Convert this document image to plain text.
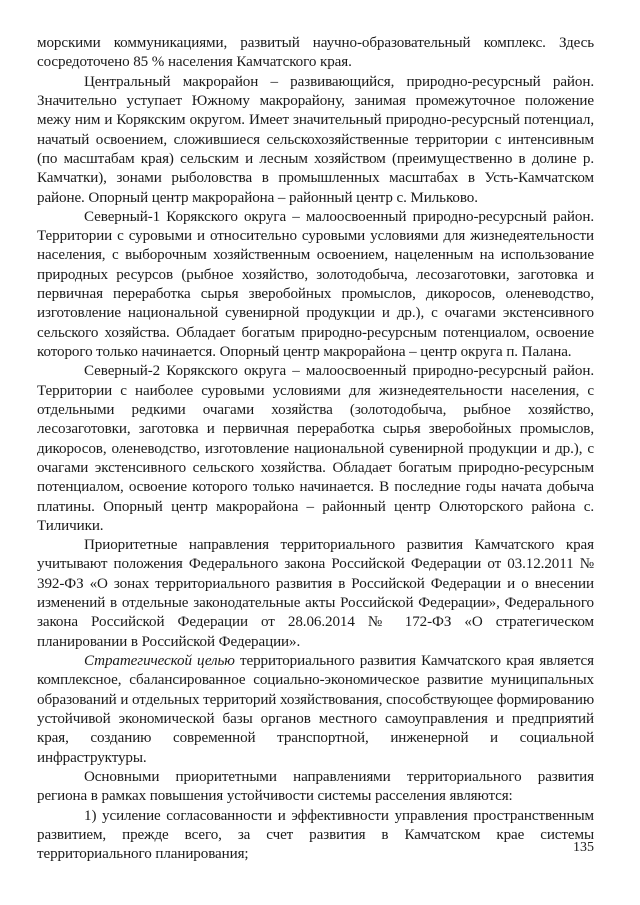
морскими коммуникациями, развитый научно-образовательный комплекс. Здесь сосредоточено 85 % населения Камчатского края.

Центральный макрорайон – развивающийся, природно-ресурсный район. Значительно уступает Южному макрорайону, занимая промежуточное положение межу ним и Корякским округом. Имеет значительный природно-ресурсный потенциал, начатый освоением, сложившиеся сельскохозяйственные территории с интенсивным (по масштабам края) сельским и лесным хозяйством (преимущественно в долине р. Камчатки), зонами рыболовства в промышленных масштабах в Усть-Камчатском районе. Опорный центр макрорайона – районный центр с. Мильково.

Северный-1 Корякского округа – малоосвоенный природно-ресурсный район. Территории с суровыми и относительно суровыми условиями для жизнедеятельности населения, с выборочным хозяйственным освоением, нацеленным на использование природных ресурсов (рыбное хозяйство, золотодобыча, лесозаготовки, заготовка и первичная переработка сырья зверобойных промыслов, дикоросов, оленеводство, изготовление национальной сувенирной продукции и др.), с очагами экстенсивного сельского хозяйства. Обладает богатым природно-ресурсным потенциалом, освоение которого только начинается. Опорный центр макрорайона – центр округа п. Палана.

Северный-2 Корякского округа – малоосвоенный природно-ресурсный район. Территории с наиболее суровыми условиями для жизнедеятельности населения, с отдельными редкими очагами хозяйства (золотодобыча, рыбное хозяйство, лесозаготовки, заготовка и первичная переработка сырья зверобойных промыслов, дикоросов, оленеводство, изготовление национальной сувенирной продукции и др.), с очагами экстенсивного сельского хозяйства. Обладает богатым природно-ресурсным потенциалом, освоение которого только начинается. В последние годы начата добыча платины. Опорный центр макрорайона – районный центр Олюторского района с. Тиличики.

Приоритетные направления территориального развития Камчатского края учитывают положения Федерального закона Российской Федерации от 03.12.2011 № 392-ФЗ «О зонах территориального развития в Российской Федерации и о внесении изменений в отдельные законодательные акты Российской Федерации», Федерального закона Российской Федерации от 28.06.2014 № 172-ФЗ «О стратегическом планировании в Российской Федерации».

Стратегической целью территориального развития Камчатского края является комплексное, сбалансированное социально-экономическое развитие муниципальных образований и отдельных территорий хозяйствования, способствующее формированию устойчивой экономической базы органов местного самоуправления и предприятий края, созданию современной транспортной, инженерной и социальной инфраструктуры.

Основными приоритетными направлениями территориального развития региона в рамках повышения устойчивости системы расселения являются:

1) усиление согласованности и эффективности управления пространственным развитием, прежде всего, за счет развития в Камчатском крае системы территориального планирования;	135
